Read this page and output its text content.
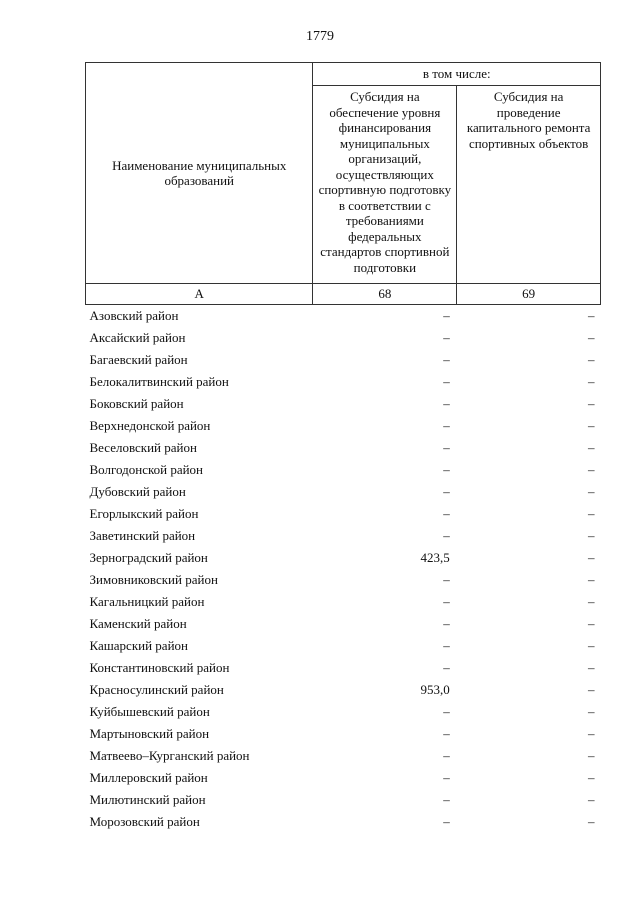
1779
Наименование муниципальных образований	в том числе:	
	Субсидия на обеспечение уровня финансирования муниципальных организаций, осуществляющих спортивную подготовку в соответствии с требованиями федеральных стандартов спортивной подготовки	Субсидия на проведение капитального ремонта спортивных объектов
А	68	69
Азовский район	–	–
Аксайский район	–	–
Багаевский район	–	–
Белокалитвинский район	–	–
Боковский район	–	–
Верхнедонской район	–	–
Веселовский район	–	–
Волгодонской район	–	–
Дубовский район	–	–
Егорлыкский район	–	–
Заветинский район	–	–
Зерноградский район	423,5	–
Зимовниковский район	–	–
Кагальницкий район	–	–
Каменский район	–	–
Кашарский район	–	–
Константиновский район	–	–
Красносулинский район	953,0	–
Куйбышевский район	–	–
Мартыновский район	–	–
Матвеево–Курганский район	–	–
Миллеровский район	–	–
Милютинский район	–	–
Морозовский район	–	–
